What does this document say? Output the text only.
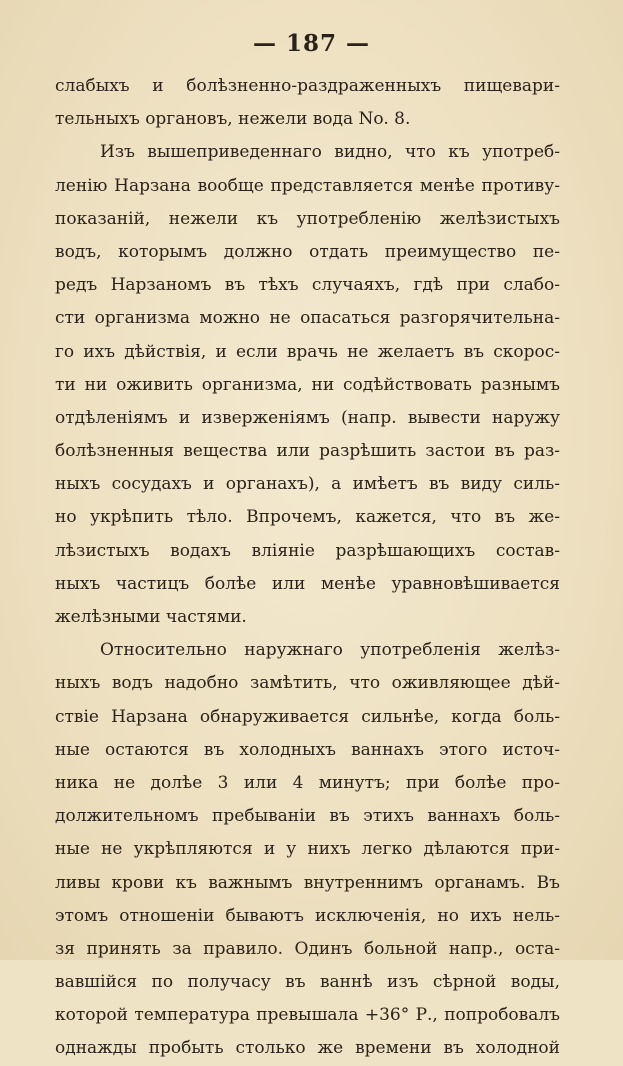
— 187 —
слабыхъ и болѣзненно-раздраженныхъ пищевари-
тельныхъ органовъ, нежели вода No. 8.
Изъ вышеприведеннаго видно, что къ употреб-
ленію Нарзана вообще представляется менѣе противу-
показаній, нежели къ употребленію желѣзистыхъ
водъ, которымъ должно отдать преимущество пе-
редъ Нарзаномъ въ тѣхъ случаяхъ, гдѣ при слабо-
сти организма можно не опасаться разгорячительна-
го ихъ дѣйствія, и если врачь не желаетъ въ скорос-
ти ни оживить организма, ни содѣйствовать разнымъ
отдѣленіямъ и изверженіямъ (напр. вывести наружу
болѣзненныя вещества или разрѣшить застои въ раз-
ныхъ сосудахъ и органахъ), а имѣетъ въ виду силь-
но укрѣпить тѣло. Впрочемъ, кажется, что въ же-
лѣзистыхъ водахъ вліяніе разрѣшающихъ состав-
ныхъ частицъ болѣе или менѣе уравновѣшивается
желѣзными частями.
Относительно наружнаго употребленія желѣз-
ныхъ водъ надобно замѣтить, что оживляющее дѣй-
ствіе Нарзана обнаруживается сильнѣе, когда боль-
ные остаются въ холодныхъ ваннахъ этого источ-
ника не долѣе 3 или 4 минутъ; при болѣе про-
должительномъ пребываніи въ этихъ ваннахъ боль-
ные не укрѣпляются и у нихъ легко дѣлаются при-
ливы крови къ важнымъ внутреннимъ органамъ. Въ
этомъ отношеніи бываютъ исключенія, но ихъ нель-
зя принять за правило. Одинъ больной напр., оста-
вавшійся по получасу въ ваннѣ изъ сѣрной воды,
которой температура превышала +36° Р., попробовалъ
однажды пробыть столько же времени въ холодной
